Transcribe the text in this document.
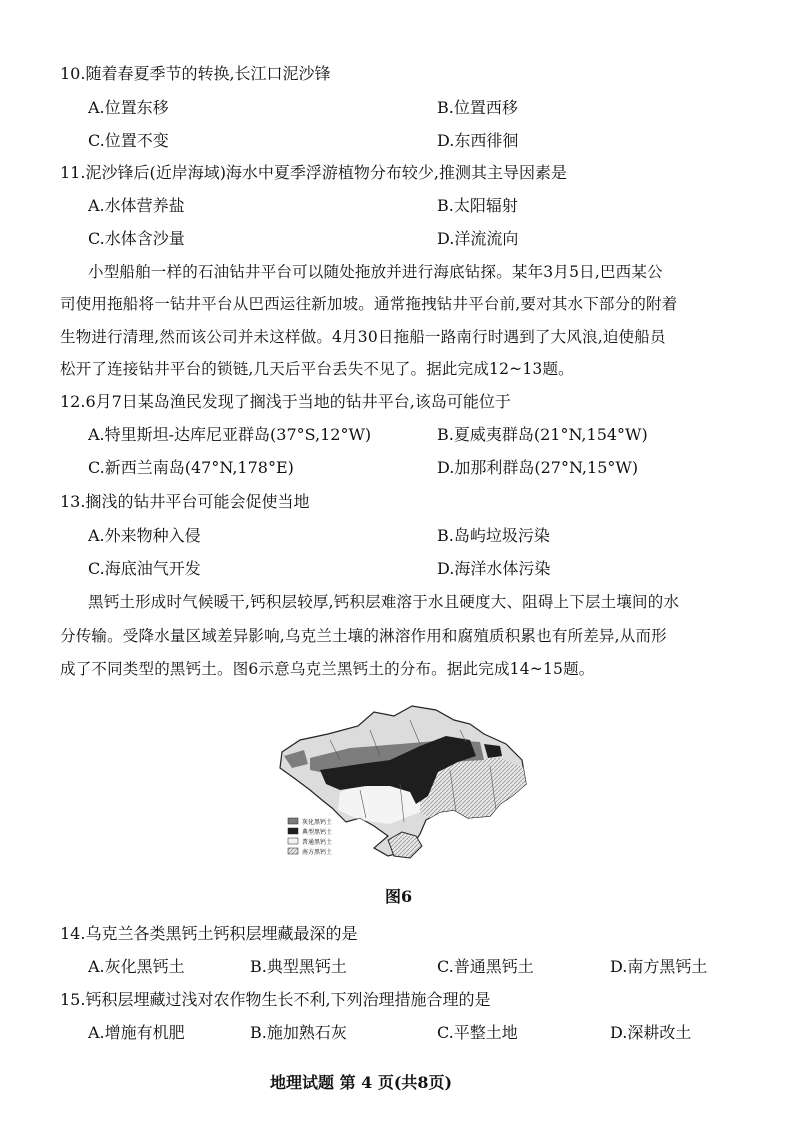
10.随着春夏季节的转换,长江口泥沙锋
A.位置东移	B.位置西移
C.位置不变	D.东西徘徊
11.泥沙锋后(近岸海域)海水中夏季浮游植物分布较少,推测其主导因素是
A.水体营养盐	B.太阳辐射
C.水体含沙量	D.洋流流向
小型船舶一样的石油钻井平台可以随处拖放并进行海底钻探。某年3月5日,巴西某公
司使用拖船将一钻井平台从巴西运往新加坡。通常拖拽钻井平台前,要对其水下部分的附着
生物进行清理,然而该公司并未这样做。4月30日拖船一路南行时遇到了大风浪,迫使船员
松开了连接钻井平台的锁链,几天后平台丢失不见了。据此完成12~13题。
12.6月7日某岛渔民发现了搁浅于当地的钻井平台,该岛可能位于
A.特里斯坦-达库尼亚群岛(37°S,12°W)	B.夏威夷群岛(21°N,154°W)
C.新西兰南岛(47°N,178°E)	D.加那利群岛(27°N,15°W)
13.搁浅的钻井平台可能会促使当地
A.外来物种入侵	B.岛屿垃圾污染
C.海底油气开发	D.海洋水体污染
黑钙土形成时气候暖干,钙积层较厚,钙积层难溶于水且硬度大、阻碍上下层土壤间的水
分传输。受降水量区域差异影响,乌克兰土壤的淋溶作用和腐殖质积累也有所差异,从而形
成了不同类型的黑钙土。图6示意乌克兰黑钙土的分布。据此完成14~15题。
灰化黑钙土
典型黑钙土
普通黑钙土
南方黑钙土
图6
14.乌克兰各类黑钙土钙积层埋藏最深的是
A.灰化黑钙土	B.典型黑钙土	C.普通黑钙土	D.南方黑钙土
15.钙积层埋藏过浅对农作物生长不利,下列治理措施合理的是
A.增施有机肥	B.施加熟石灰	C.平整土地	D.深耕改土
地理试题 第 4 页(共8页)
